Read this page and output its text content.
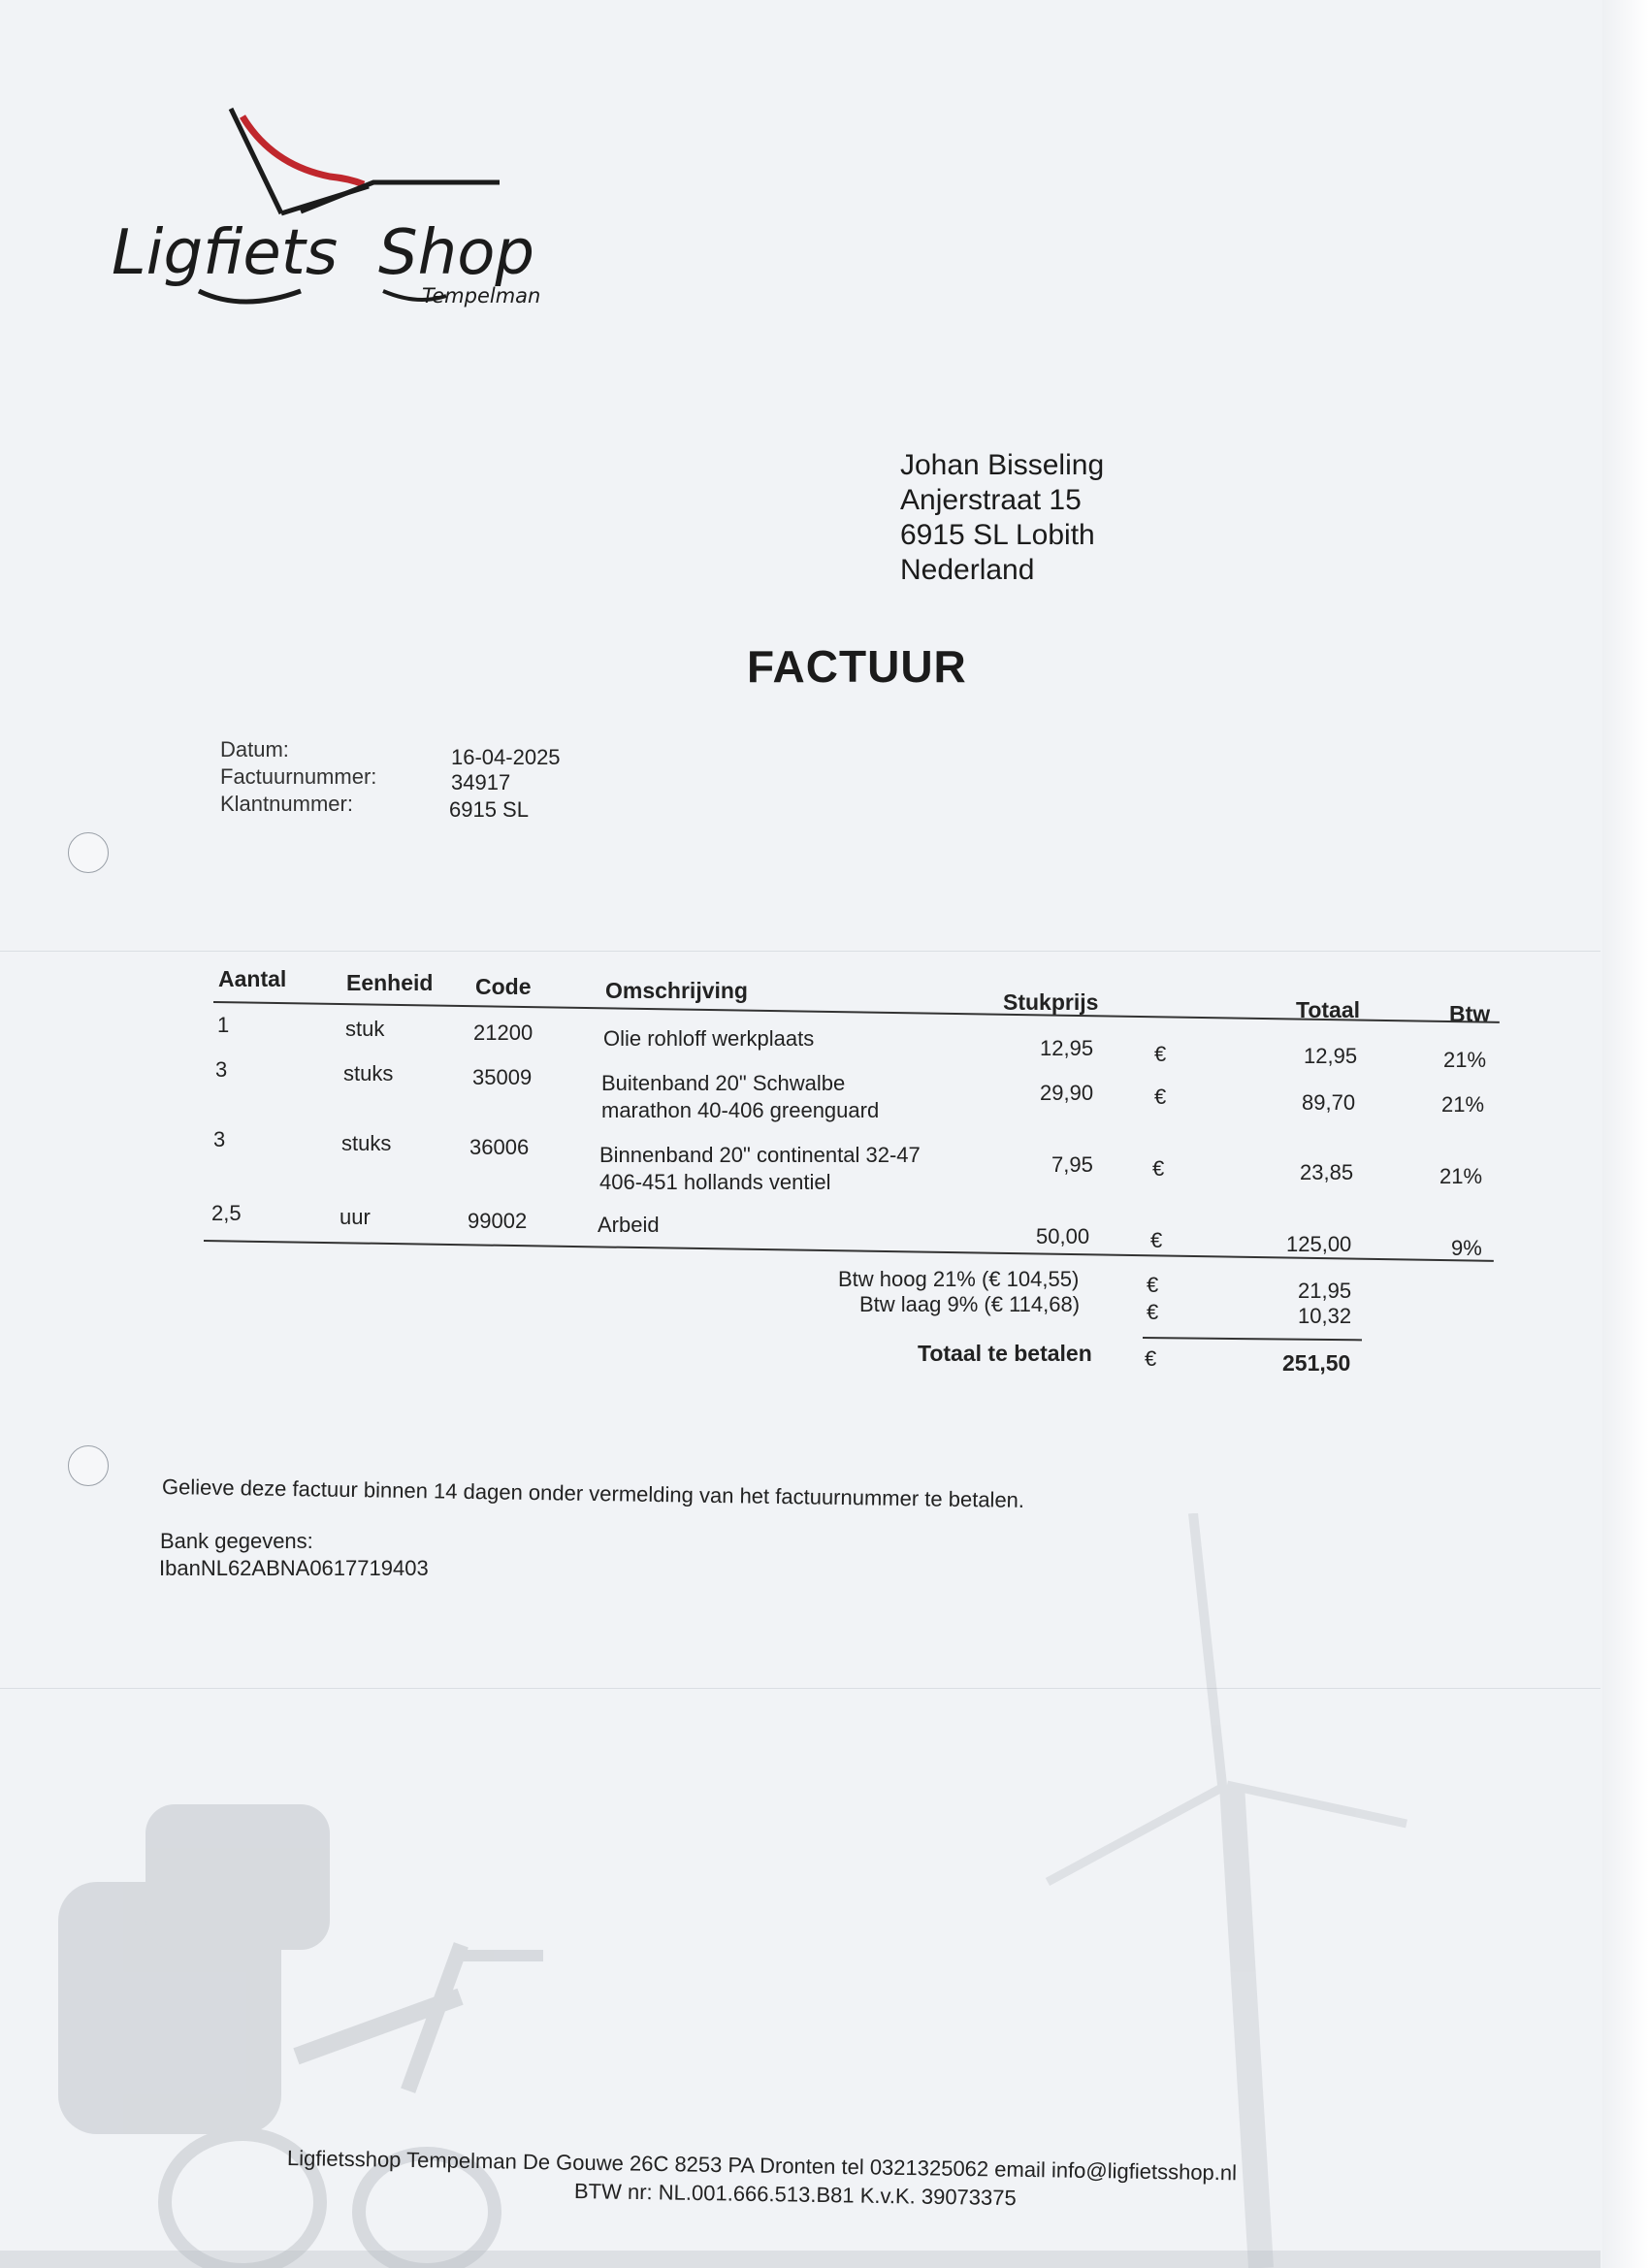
Ligfiets Shop
Tempelman
Johan Bisseling
Anjerstraat 15
6915 SL Lobith
Nederland
FACTUUR
Datum:	16-04-2025
Factuurnummer:	34917
Klantnummer:	6915 SL
Aantal	Eenheid Code	Omschrijving	Stukprijs	Totaal	Btw
1	stuk	21200	Olie rohloff werkplaats	12,95	€	12,95	21%
3	stuks	35009	Buitenband 20" Schwalbe
marathon 40-406 greenguard
29,90	€	89,70	21%
3	stuks	36006	Binnenband 20" continental 32-47
406-451 hollands ventiel
7,95	€	23,85	21%
2,5	uur	99002	Arbeid	50,00	€	125,00	9%
Btw hoog 21% (€ 104,55)	€	21,95
Btw laag 9% (€ 114,68)	€	10,32
Totaal te betalen €	251,50
Gelieve deze factuur binnen 14 dagen onder vermelding van het factuurnummer te betalen.
Bank gegevens:
IbanNL62ABNA0617719403
Ligfietsshop Tempelman De Gouwe 26C 8253 PA Dronten tel 0321325062 email info@ligfietsshop.nl
BTW nr: NL.001.666.513.B81 K.v.K. 39073375
